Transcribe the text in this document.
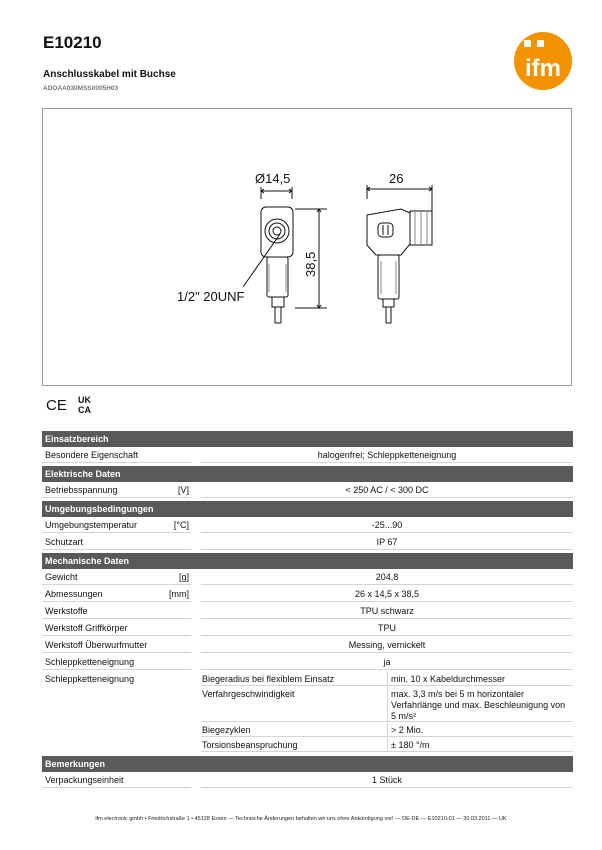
E10210
Anschlusskabel mit Buchse
ADOAA030MSS0005H03
ifm
Ø14,5
38,5
1/2" 20UNF
26
CE UK
CA
Einsatzbereich
Besondere Eigenschaft	halogenfrei; Schleppketteneignung
Elektrische Daten
Betriebsspannung	[V]	< 250 AC / < 300 DC
Umgebungsbedingungen
Umgebungstemperatur	[°C]	-25...90
Schutzart	IP 67
Mechanische Daten
Gewicht	[g]	204,8
Abmessungen	[mm]	26 x 14,5 x 38,5
Werkstoffe	TPU schwarz
Werkstoff Griffkörper	TPU
Werkstoff Überwurfmutter	Messing, vernickelt
Schleppketteneignung	ja
Schleppketteneignung	Biegeradius bei flexiblem Einsatz	min. 10 x Kabeldurchmesser
Verfahrgeschwindigkeit	max. 3,3 m/s bei 5 m horizontaler Verfahrlänge und max. Beschleunigung von 5 m/s²
Biegezyklen	> 2 Mio.
Torsionsbeanspruchung	± 180 °/m
Bemerkungen
Verpackungseinheit	1 Stück
ifm electronic gmbh • Friedrichstraße 1 • 45128 Essen — Technische Änderungen behalten wir uns ohne Ankündigung vor! — DE-DE — E10210-01 — 30.03.2011 — UK
